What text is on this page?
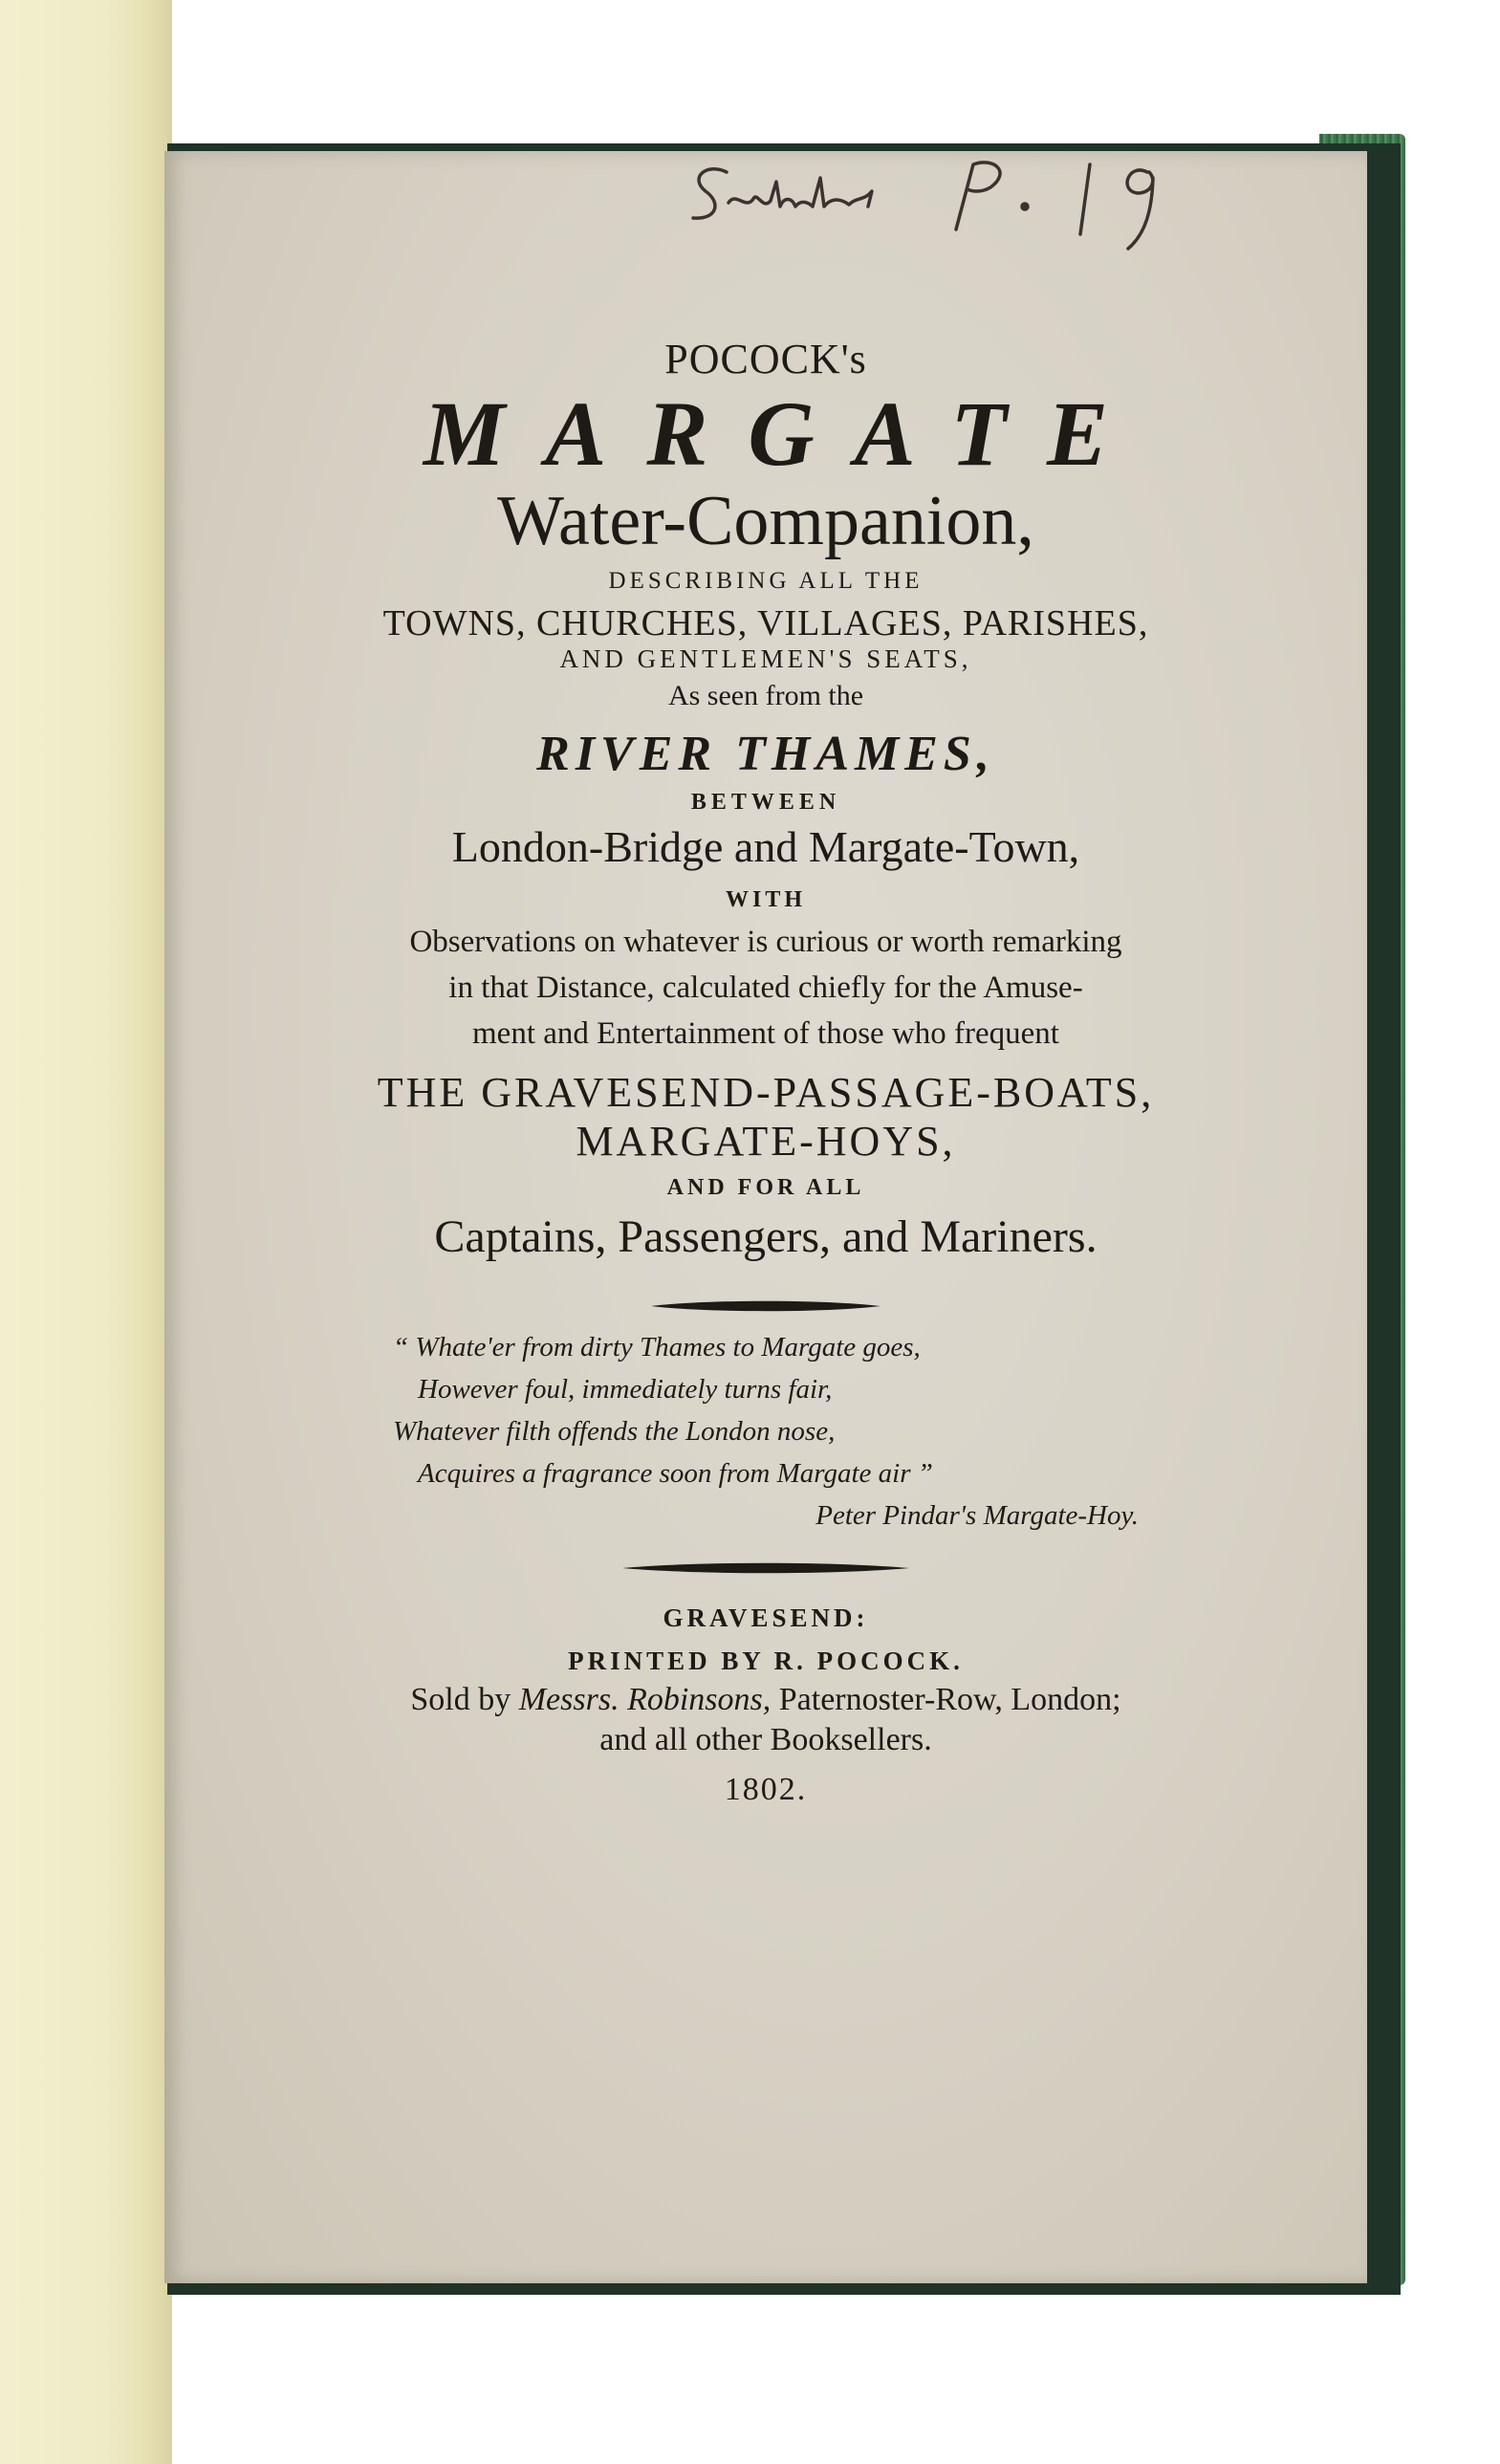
POCOCK's
MARGATE
Water-Companion,
DESCRIBING ALL THE
TOWNS, CHURCHES, VILLAGES, PARISHES,
AND GENTLEMEN'S SEATS,
As seen from the
RIVER THAMES,
BETWEEN
London-Bridge and Margate-Town,
WITH
Observations on whatever is curious or worth remarking
in that Distance, calculated chiefly for the Amuse-
ment and Entertainment of those who frequent
THE GRAVESEND-PASSAGE-BOATS,
MARGATE-HOYS,
AND FOR ALL
Captains, Passengers, and Mariners.
“ Whate'er from dirty Thames to Margate goes,
However foul, immediately turns fair,
Whatever filth offends the London nose,
Acquires a fragrance soon from Margate air ”
Peter Pindar's Margate-Hoy.
GRAVESEND:
PRINTED BY R. POCOCK.
Sold by Messrs. Robinsons, Paternoster-Row, London;
and all other Booksellers.
1802.
